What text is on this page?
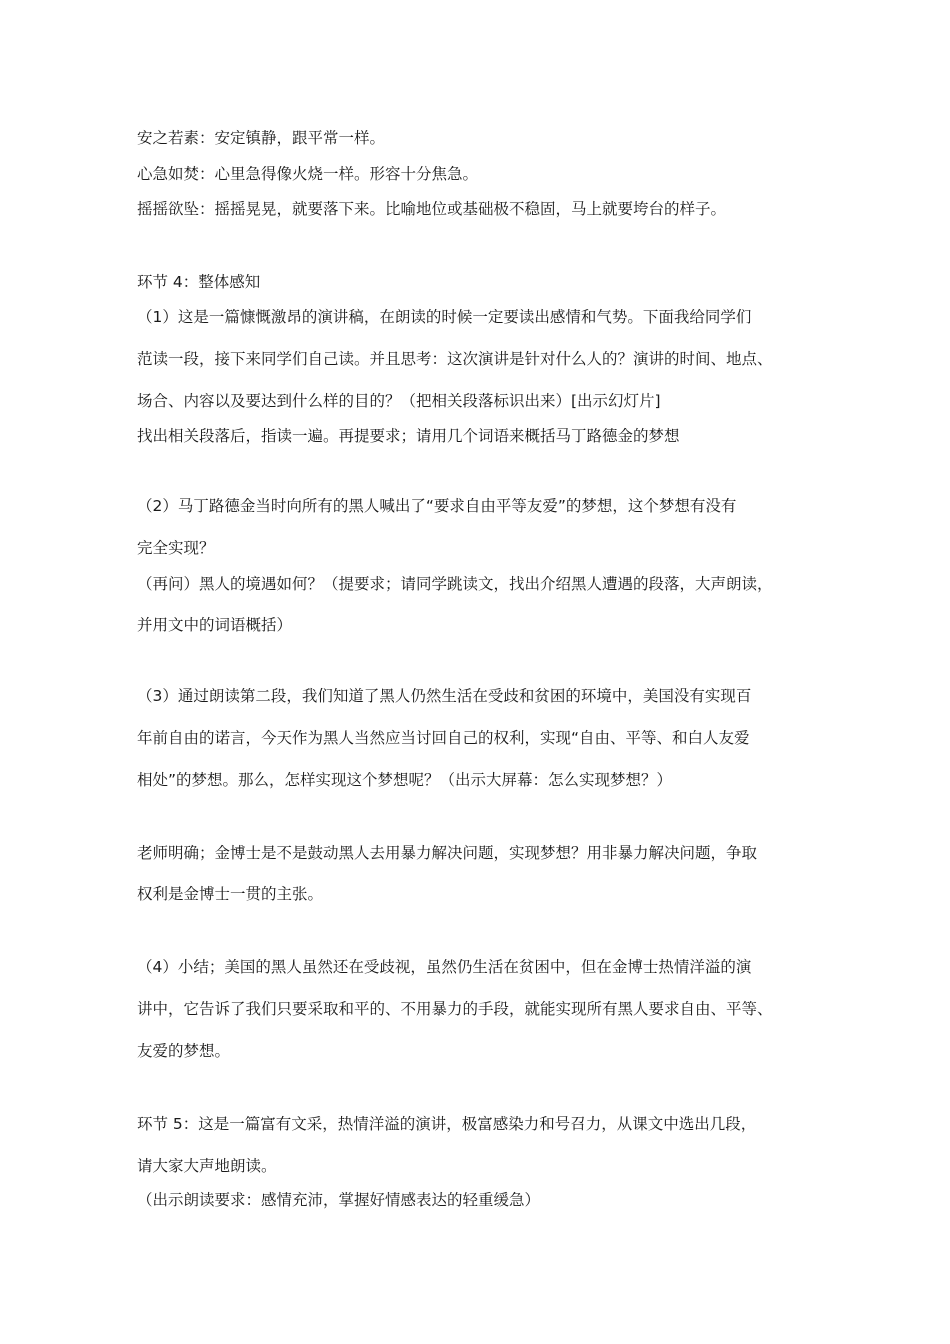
安之若素：安定镇静，跟平常一样。
心急如焚：心里急得像火烧一样。形容十分焦急。
摇摇欲坠：摇摇晃晃，就要落下来。比喻地位或基础极不稳固，马上就要垮台的样子。
环节 4：整体感知
（1）这是一篇慷慨激昂的演讲稿，在朗读的时候一定要读出感情和气势。下面我给同学们
范读一段，接下来同学们自己读。并且思考：这次演讲是针对什么人的？演讲的时间、地点、
场合、内容以及要达到什么样的目的？（把相关段落标识出来）[出示幻灯片]
找出相关段落后，指读一遍。再提要求；请用几个词语来概括马丁路德金的梦想
（2）马丁路德金当时向所有的黑人喊出了“要求自由平等友爱”的梦想，这个梦想有没有
完全实现？
（再问）黑人的境遇如何？（提要求；请同学跳读文，找出介绍黑人遭遇的段落，大声朗读，
并用文中的词语概括）
（3）通过朗读第二段，我们知道了黑人仍然生活在受歧和贫困的环境中，美国没有实现百
年前自由的诺言，今天作为黑人当然应当讨回自己的权利，实现“自由、平等、和白人友爱
相处”的梦想。那么，怎样实现这个梦想呢？（出示大屏幕：怎么实现梦想？）
老师明确；金博士是不是鼓动黑人去用暴力解决问题，实现梦想？用非暴力解决问题，争取
权利是金博士一贯的主张。
（4）小结；美国的黑人虽然还在受歧视，虽然仍生活在贫困中，但在金博士热情洋溢的演
讲中，它告诉了我们只要采取和平的、不用暴力的手段，就能实现所有黑人要求自由、平等、
友爱的梦想。
环节 5：这是一篇富有文采，热情洋溢的演讲，极富感染力和号召力，从课文中选出几段，
请大家大声地朗读。
（出示朗读要求：感情充沛，掌握好情感表达的轻重缓急）
